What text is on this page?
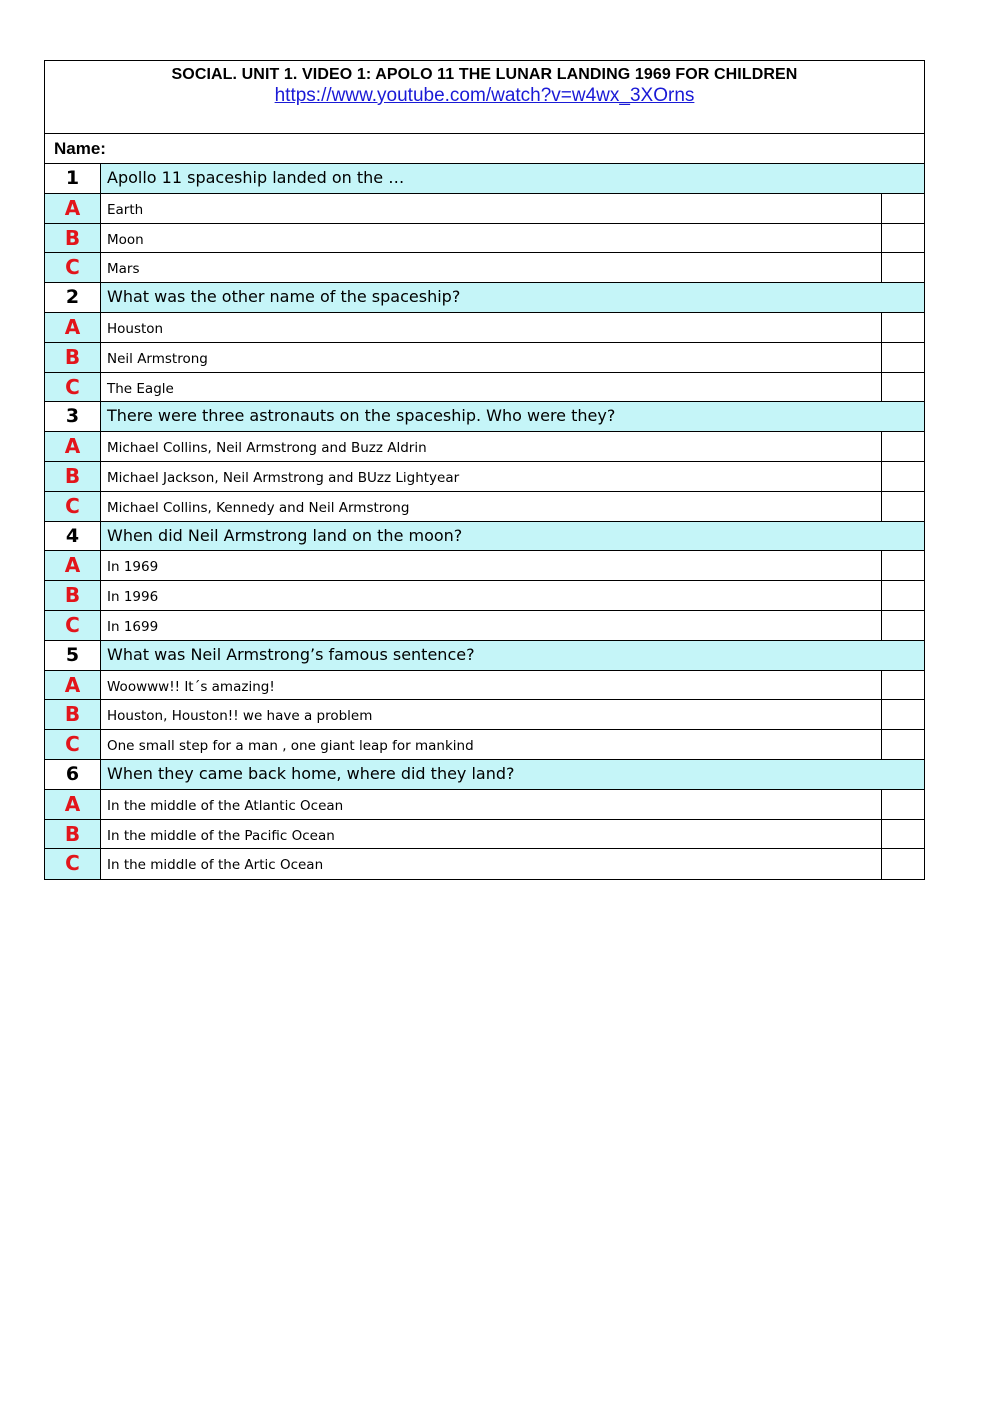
SOCIAL. UNIT 1. VIDEO 1: APOLO 11 THE LUNAR LANDING 1969 FOR CHILDREN
https://www.youtube.com/watch?v=w4wx_3XOrns
Name:
1	Apollo 11 spaceship landed on the …
A	Earth
B	Moon
C	Mars
2	What was the other name of the spaceship?
A	Houston
B	Neil Armstrong
C	The Eagle
3	There were three astronauts on the spaceship. Who were they?
A	Michael Collins, Neil Armstrong and Buzz Aldrin
B	Michael Jackson, Neil Armstrong and BUzz Lightyear
C	Michael Collins, Kennedy and Neil Armstrong
4	When did Neil Armstrong land on the moon?
A	In 1969
B	In 1996
C	In 1699
5	What was Neil Armstrong’s famous sentence?
A	Woowww!! It´s amazing!
B	Houston, Houston!! we have a problem
C	One small step for a man , one giant leap for mankind
6	When they came back home, where did they land?
A	In the middle of the Atlantic Ocean
B	In the middle of the Pacific Ocean
C	In the middle of the Artic Ocean
